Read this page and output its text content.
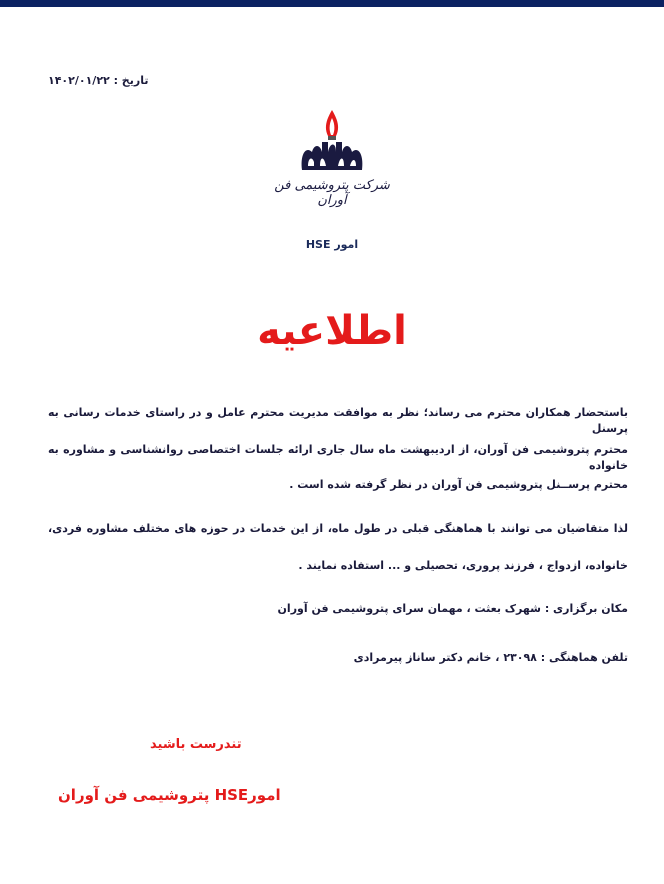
تاریخ : ۱۴۰۲/۰۱/۲۲
شرکت پتروشیمی فن آوران
امور HSE
اطلاعیه
باستحضار همکاران محترم می رساند؛ نظر به موافقت مدیریت محترم عامل و در راستای خدمات رسانی به پرسنل
محترم پتروشیمی فن آوران، از اردیبهشت ماه سال جاری ارائه جلسات اختصاصی روانشناسی و مشاوره به خانواده
محترم پرســنل پتروشیمی فن آوران در نظر گرفته شده است .
لذا متقاضیان می توانند با هماهنگی قبلی در طول ماه، از این خدمات در حوزه های مختلف مشاوره فردی،
خانواده، ازدواج ، فرزند پروری، تحصیلی و ... استفاده نمایند .
مکان برگزاری : شهرک بعثت ، مهمان سرای پتروشیمی فن آوران
تلفن هماهنگی : ۲۳۰۹۸ ، خانم دکتر ساناز پیرمرادی
تندرست باشید
امورHSE پتروشیمی فن آوران
